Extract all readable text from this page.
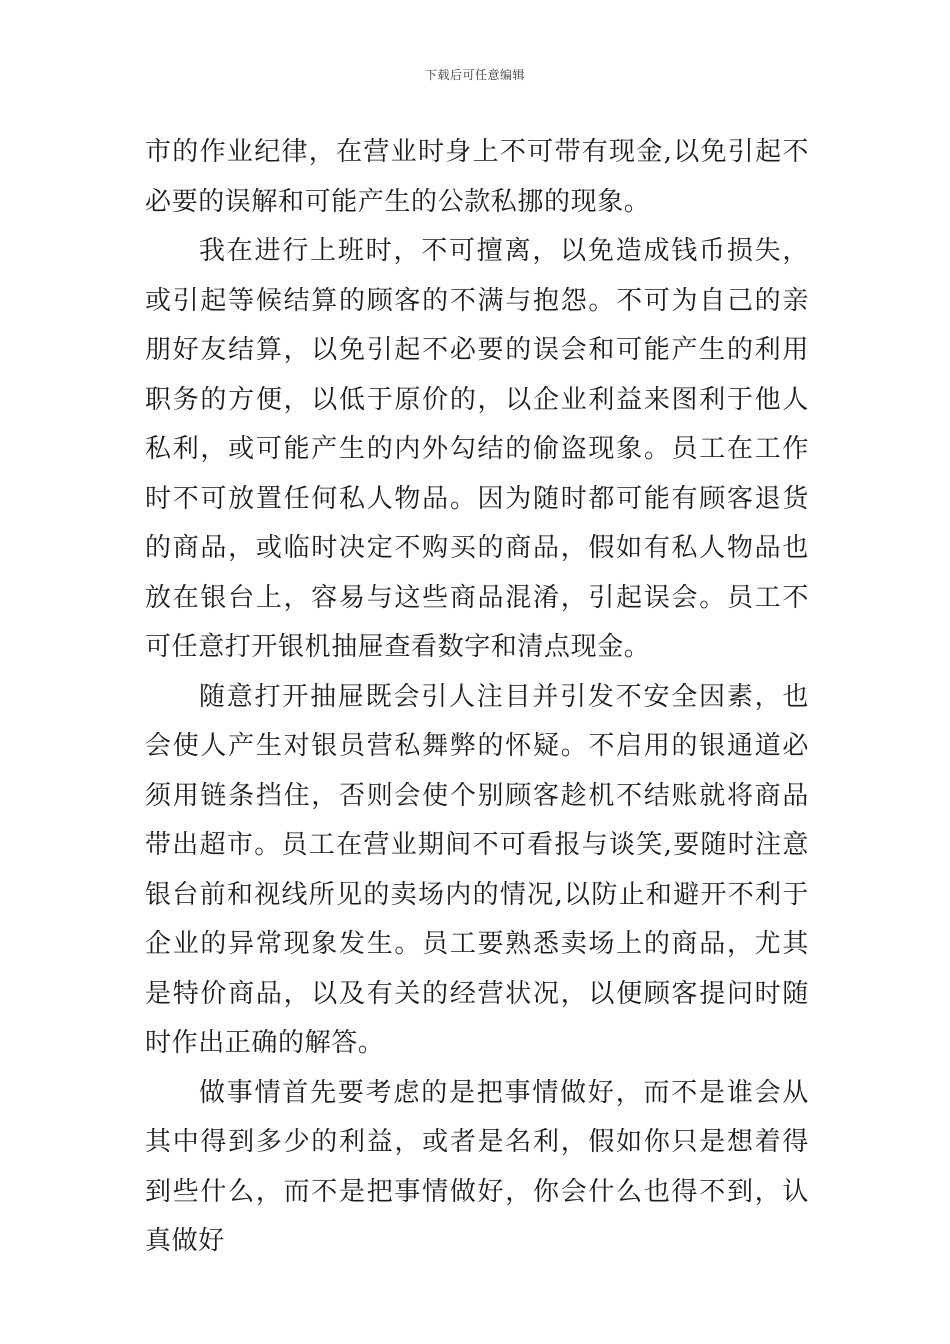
下载后可任意编辑

市的作业纪律，在营业时身上不可带有现金,以免引起不必要的误解和可能产生的公款私挪的现象。

我在进行上班时，不可擅离，以免造成钱币损失，或引起等候结算的顾客的不满与抱怨。不可为自己的亲朋好友结算，以免引起不必要的误会和可能产生的利用职务的方便，以低于原价的，以企业利益来图利于他人私利，或可能产生的内外勾结的偷盗现象。员工在工作时不可放置任何私人物品。因为随时都可能有顾客退货的商品，或临时决定不购买的商品，假如有私人物品也放在银台上，容易与这些商品混淆，引起误会。员工不可任意打开银机抽屉查看数字和清点现金。

随意打开抽屉既会引人注目并引发不安全因素，也会使人产生对银员营私舞弊的怀疑。不启用的银通道必须用链条挡住，否则会使个别顾客趁机不结账就将商品带出超市。员工在营业期间不可看报与谈笑,要随时注意银台前和视线所见的卖场内的情况,以防止和避开不利于企业的异常现象发生。员工要熟悉卖场上的商品，尤其是特价商品，以及有关的经营状况，以便顾客提问时随时作出正确的解答。

做事情首先要考虑的是把事情做好，而不是谁会从其中得到多少的利益，或者是名利，假如你只是想着得到些什么，而不是把事情做好，你会什么也得不到，认真做好
